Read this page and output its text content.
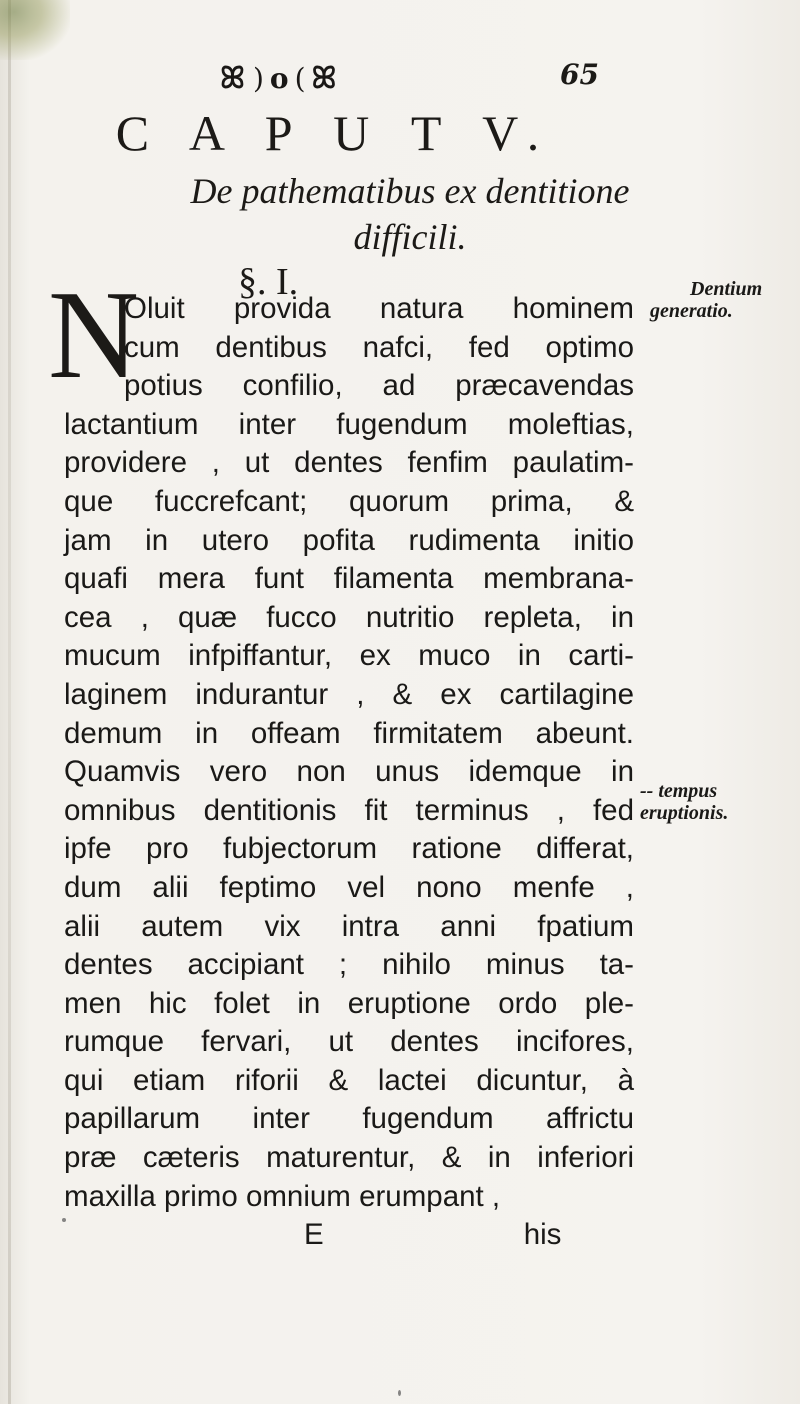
ꕤ ) o ( ꕤ	65
C A P U T V.
De pathematibus ex dentitione
difficili.
§. I.
N
Oluit provida natura hominem
cum dentibus nafci, fed optimo
potius confilio, ad præcavendas
lactantium inter fugendum moleftias,
providere , ut dentes fenfim paulatim-
que fuccrefcant; quorum prima, &
jam in utero pofita rudimenta initio
quafi mera funt filamenta membrana-
cea , quæ fucco nutritio repleta, in
mucum infpiffantur, ex muco in carti-
laginem indurantur , & ex cartilagine
demum in offeam firmitatem abeunt.
Quamvis vero non unus idemque in
omnibus dentitionis fit terminus , fed
ipfe pro fubjectorum ratione differat,
dum alii feptimo vel nono menfe ,
alii autem vix intra anni fpatium
dentes accipiant ; nihilo minus ta-
men hic folet in eruptione ordo ple-
rumque fervari, ut dentes incifores,
qui etiam riforii & lactei dicuntur, à
papillarum inter fugendum affrictu
præ cæteris maturentur, & in inferiori
maxilla primo omnium erumpant ,
E	his
Dentium
generatio.
-- tempus eruptionis.
